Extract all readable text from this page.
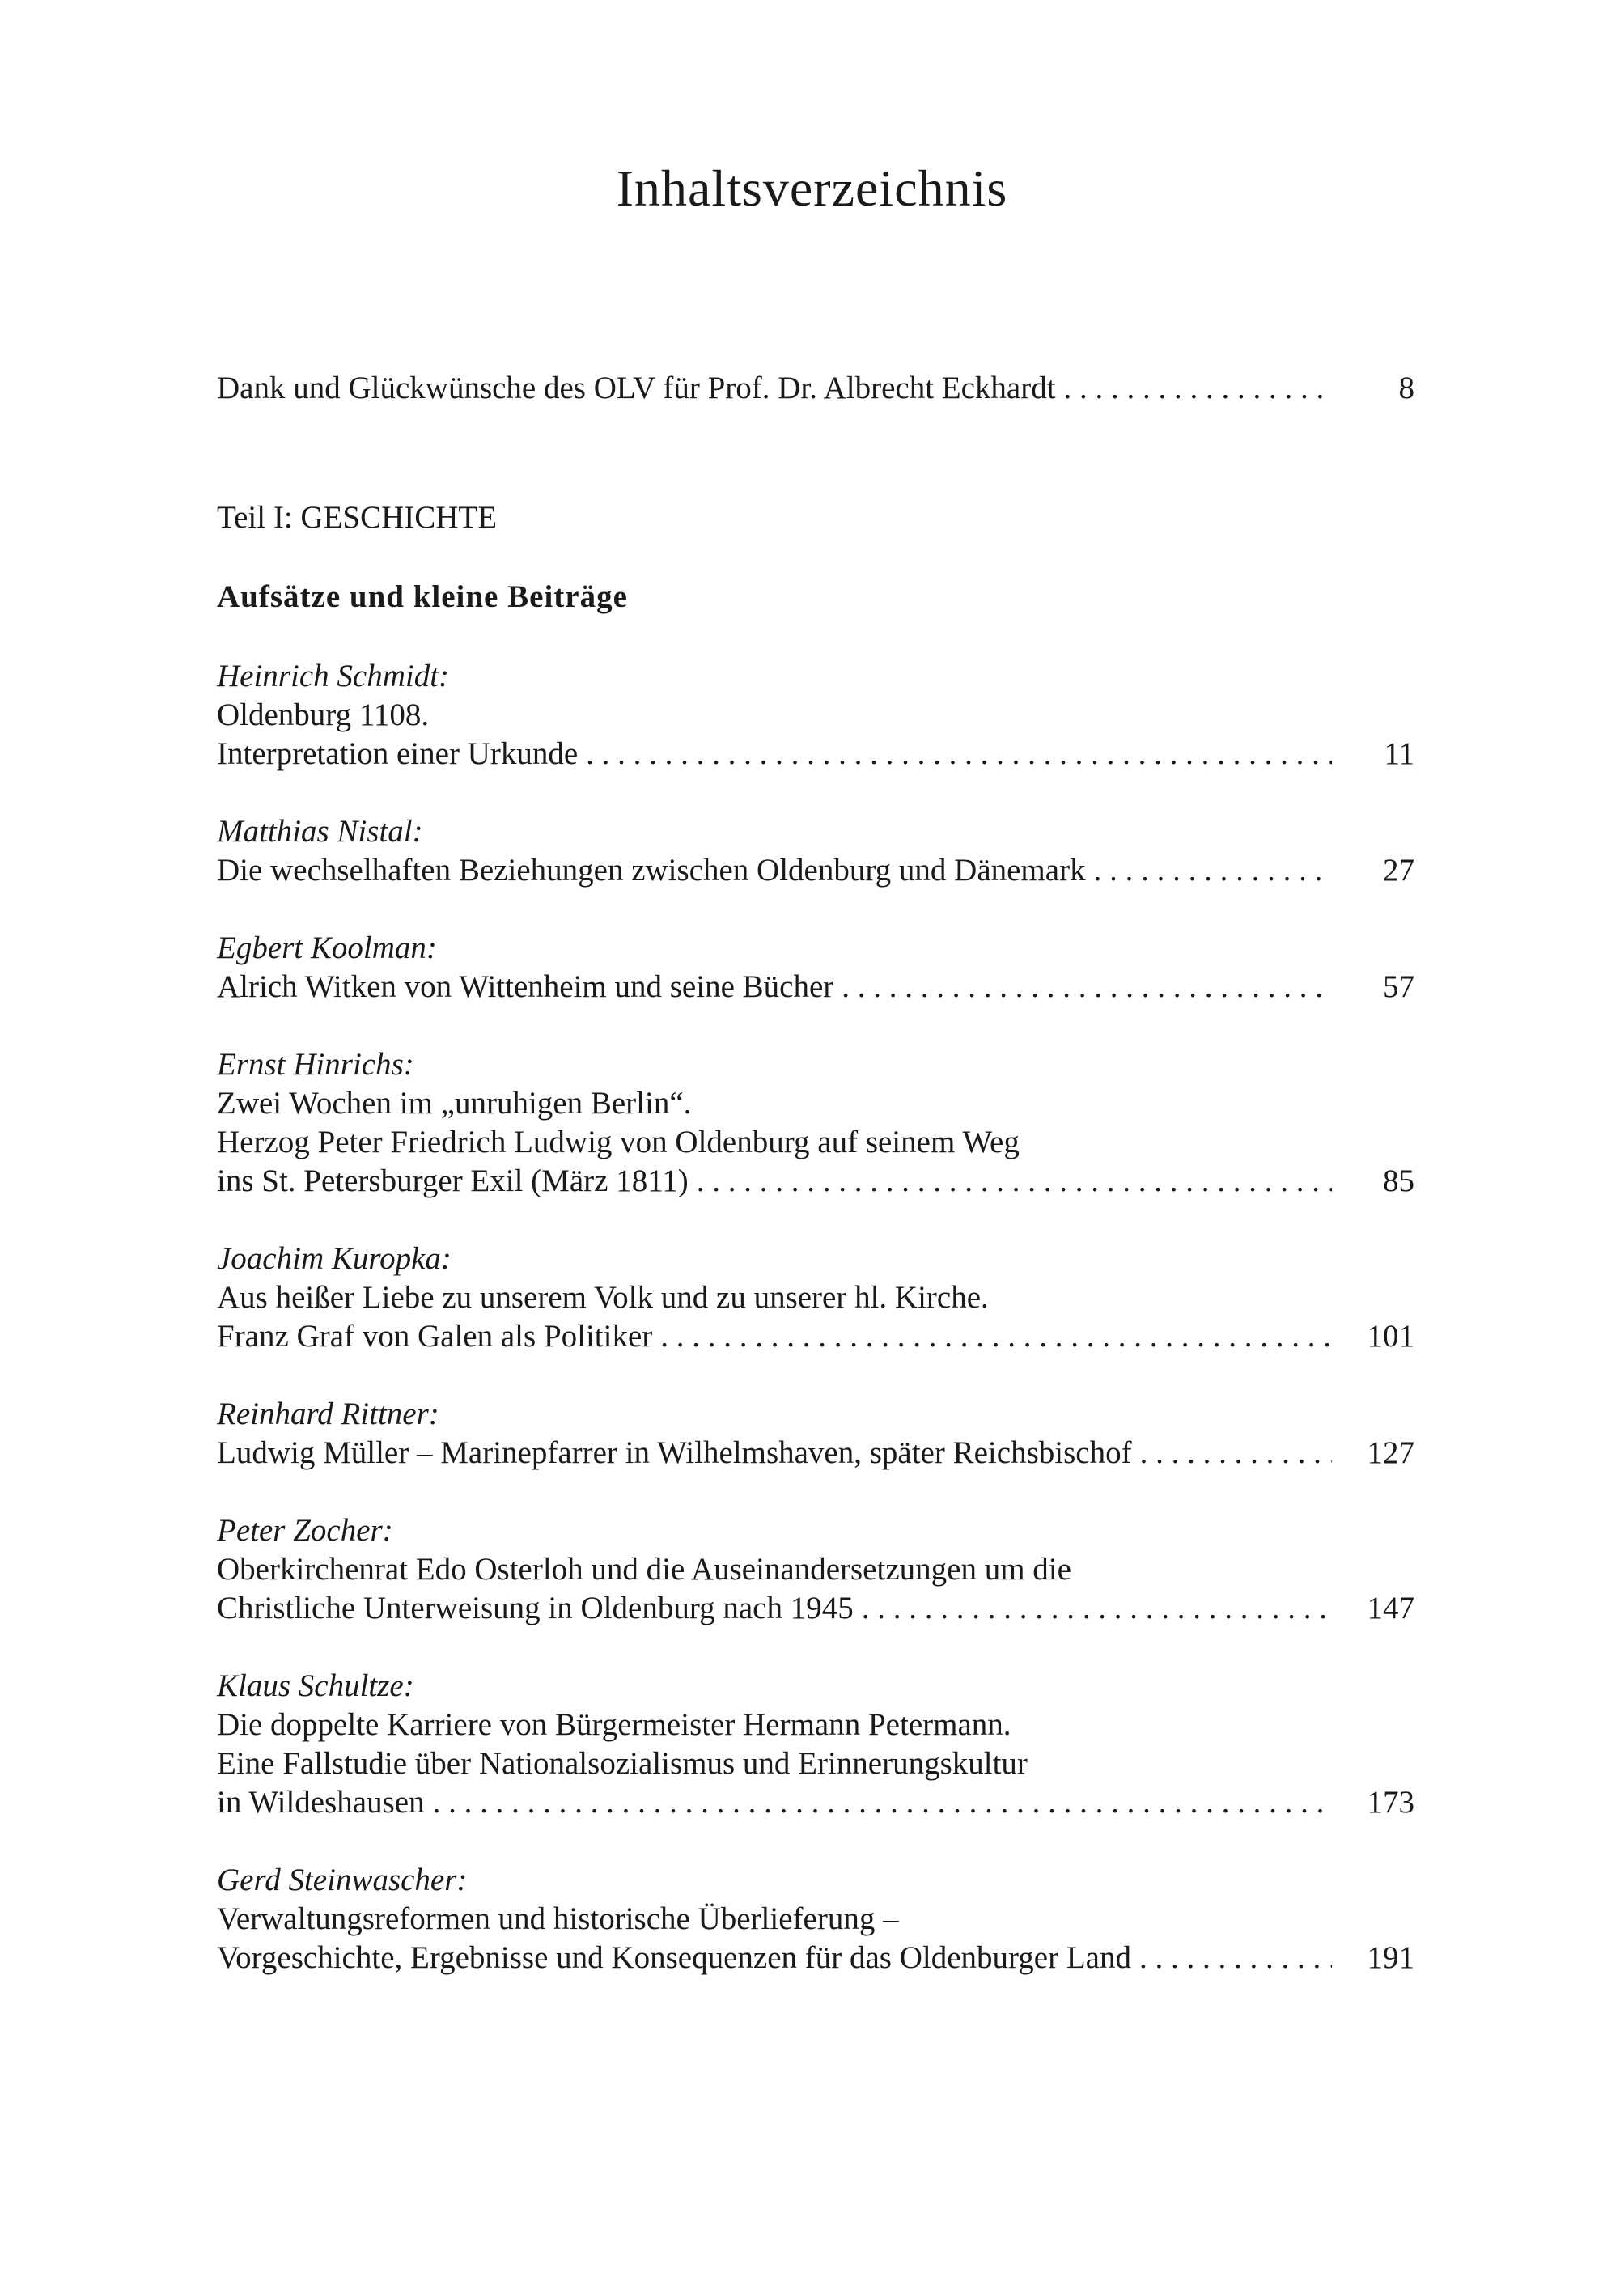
Inhaltsverzeichnis
Dank und Glückwünsche des OLV für Prof. Dr. Albrecht Eckhardt . . .	8
Teil I: GESCHICHTE
Aufsätze und kleine Beiträge
Heinrich Schmidt:
Oldenburg 1108.
Interpretation einer Urkunde . . .	11
Matthias Nistal:
Die wechselhaften Beziehungen zwischen Oldenburg und Dänemark . . .	27
Egbert Koolman:
Alrich Witken von Wittenheim und seine Bücher . . .	57
Ernst Hinrichs:
Zwei Wochen im „unruhigen Berlin“.
Herzog Peter Friedrich Ludwig von Oldenburg auf seinem Weg
ins St. Petersburger Exil (März 1811) . . .	85
Joachim Kuropka:
Aus heißer Liebe zu unserem Volk und zu unserer hl. Kirche.
Franz Graf von Galen als Politiker . . .	101
Reinhard Rittner:
Ludwig Müller – Marinepfarrer in Wilhelmshaven, später Reichsbischof . . .	127
Peter Zocher:
Oberkirchenrat Edo Osterloh und die Auseinandersetzungen um die
Christliche Unterweisung in Oldenburg nach 1945 . . .	147
Klaus Schultze:
Die doppelte Karriere von Bürgermeister Hermann Petermann.
Eine Fallstudie über Nationalsozialismus und Erinnerungskultur
in Wildeshausen . . .	173
Gerd Steinwascher:
Verwaltungsreformen und historische Überlieferung –
Vorgeschichte, Ergebnisse und Konsequenzen für das Oldenburger Land . . .	191
